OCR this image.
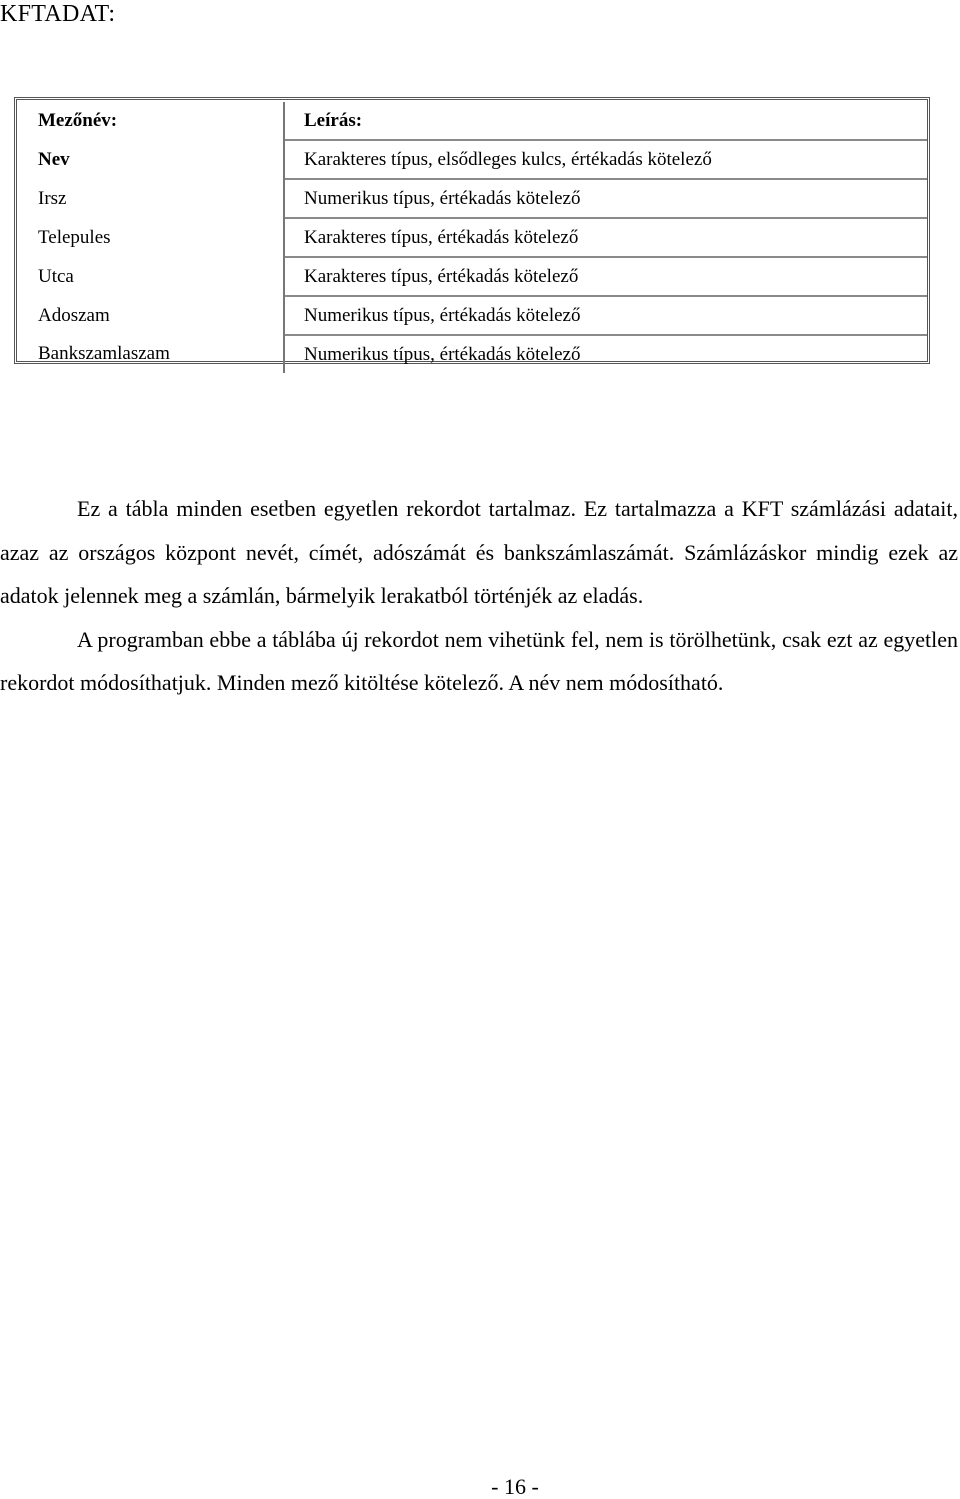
KFTADAT:
Mezőnév:	Leírás:
Nev	Karakteres típus, elsődleges kulcs, értékadás kötelező
Irsz	Numerikus típus, értékadás kötelező
Telepules	Karakteres típus, értékadás kötelező
Utca	Karakteres típus, értékadás kötelező
Adoszam	Numerikus típus, értékadás kötelező
Bankszamlaszam	Numerikus típus, értékadás kötelező

Ez a tábla minden esetben egyetlen rekordot tartalmaz. Ez tartalmazza a KFT számlázási adatait, azaz az országos központ nevét, címét, adószámát és bankszámlaszámát. Számlázáskor mindig ezek az adatok jelennek meg a számlán, bármelyik lerakatból történjék az eladás.

A programban ebbe a táblába új rekordot nem vihetünk fel, nem is törölhetünk, csak ezt az egyetlen rekordot módosíthatjuk. Minden mező kitöltése kötelező. A név nem módosítható.

- 16 -
